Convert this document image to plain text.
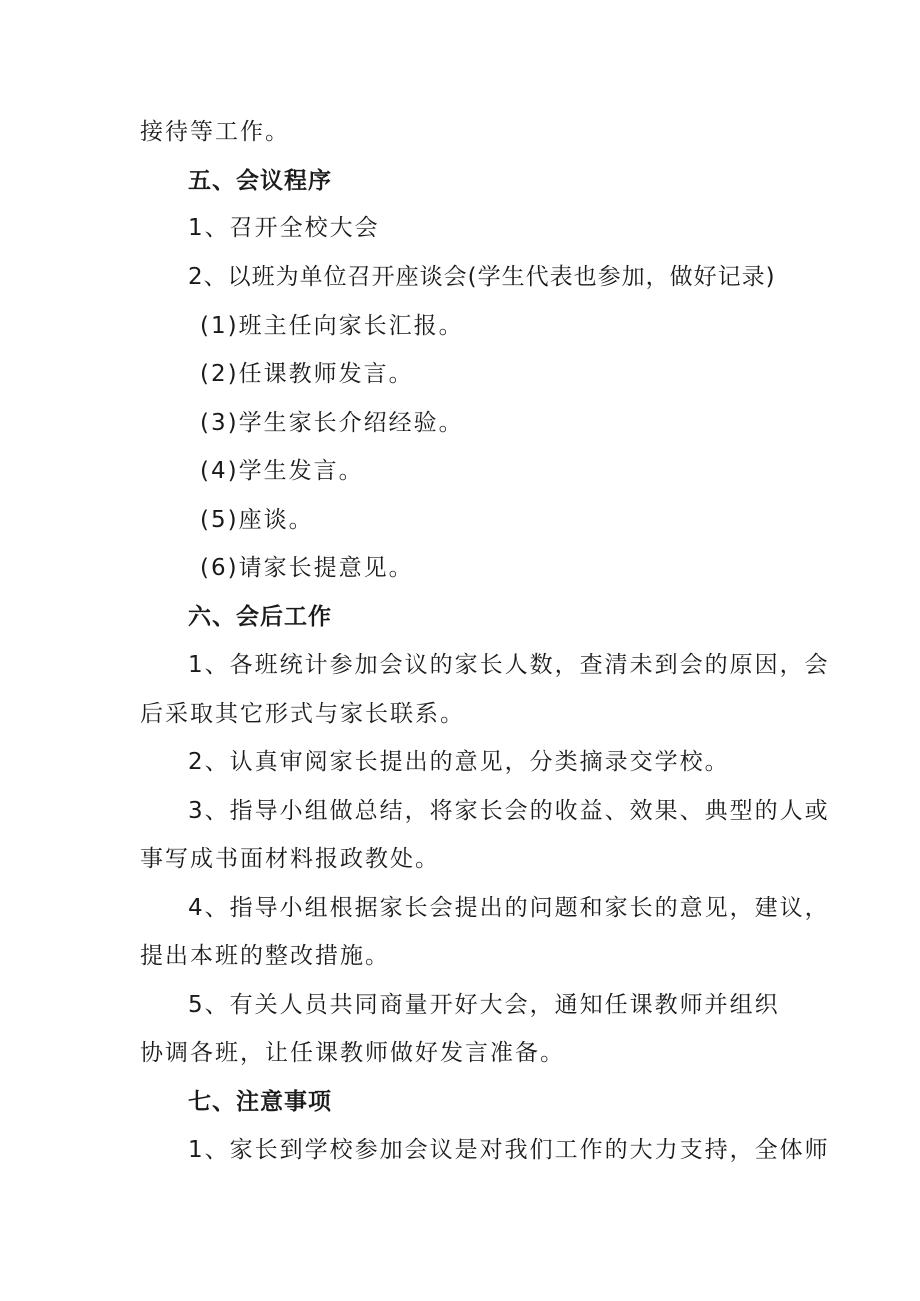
接待等工作。
五、会议程序
1、召开全校大会
2、以班为单位召开座谈会(学生代表也参加，做好记录)
(1)班主任向家长汇报。
(2)任课教师发言。
(3)学生家长介绍经验。
(4)学生发言。
(5)座谈。
(6)请家长提意见。
六、会后工作
1、各班统计参加会议的家长人数，查清未到会的原因，会
后采取其它形式与家长联系。
2、认真审阅家长提出的意见，分类摘录交学校。
3、指导小组做总结，将家长会的收益、效果、典型的人或
事写成书面材料报政教处。
4、指导小组根据家长会提出的问题和家长的意见，建议，
提出本班的整改措施。
5、有关人员共同商量开好大会，通知任课教师并组织
协调各班，让任课教师做好发言准备。
七、注意事项
1、家长到学校参加会议是对我们工作的大力支持，全体师
